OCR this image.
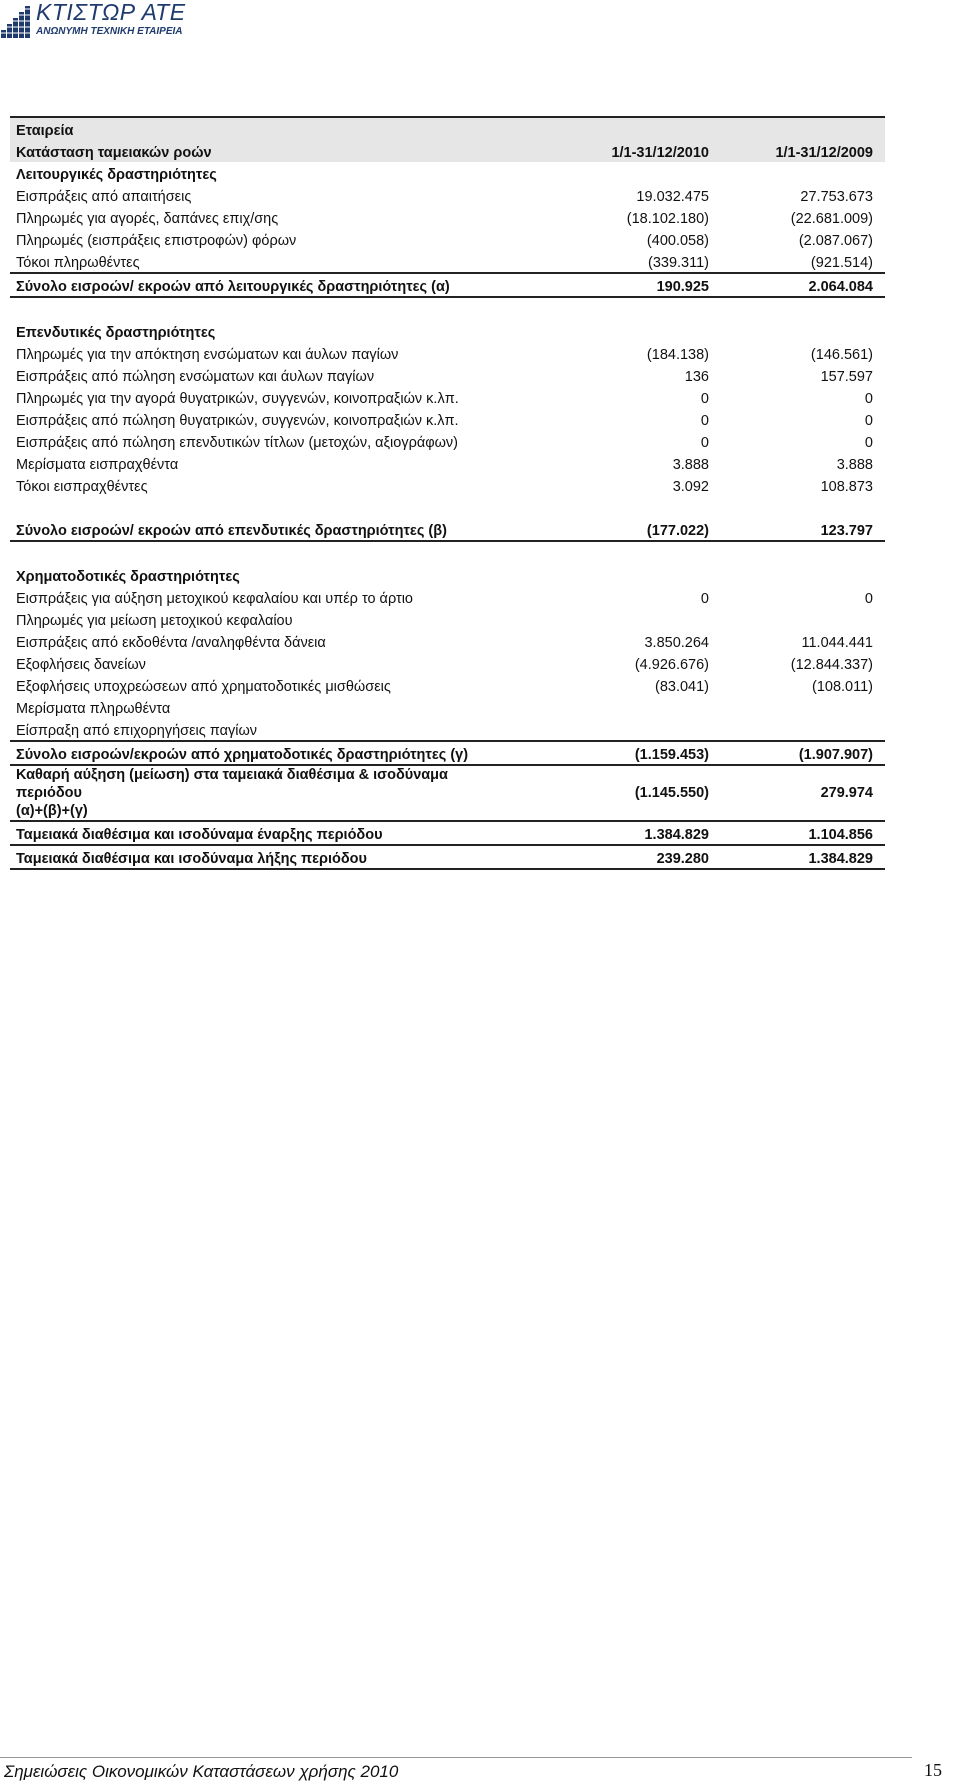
ΚΤΙΣΤΩΡ ΑΤΕ
ΑΝΩΝΥΜΗ ΤΕΧΝΙΚΗ ΕΤΑΙΡΕΙΑ
Εταιρεία		
Κατάσταση ταμειακών ροών	1/1-31/12/2010	1/1-31/12/2009
Λειτουργικές δραστηριότητες		
Εισπράξεις από απαιτήσεις	19.032.475	27.753.673
Πληρωμές για αγορές, δαπάνες επιχ/σης	(18.102.180)	(22.681.009)
Πληρωμές (εισπράξεις επιστροφών) φόρων	(400.058)	(2.087.067)
Τόκοι πληρωθέντες	(339.311)	(921.514)
Σύνολο εισροών/ εκροών από λειτουργικές δραστηριότητες (α)	190.925	2.064.084

Επενδυτικές δραστηριότητες		
Πληρωμές για την απόκτηση ενσώματων και άυλων παγίων	(184.138)	(146.561)
Εισπράξεις από πώληση ενσώματων και άυλων παγίων	136	157.597
Πληρωμές για την αγορά θυγατρικών, συγγενών, κοινοπραξιών κ.λπ.	0	0
Εισπράξεις από πώληση θυγατρικών, συγγενών, κοινοπραξιών κ.λπ.	0	0
Εισπράξεις από πώληση επενδυτικών τίτλων (μετοχών, αξιογράφων)	0	0
Μερίσματα εισπραχθέντα	3.888	3.888
Τόκοι εισπραχθέντες	3.092	108.873

Σύνολο εισροών/ εκροών από επενδυτικές δραστηριότητες (β)	(177.022)	123.797

Χρηματοδοτικές δραστηριότητες		
Εισπράξεις για αύξηση μετοχικού κεφαλαίου και υπέρ το άρτιο	0	0
Πληρωμές για μείωση μετοχικού κεφαλαίου		
Εισπράξεις από εκδοθέντα /αναληφθέντα δάνεια	3.850.264	11.044.441
Εξοφλήσεις δανείων	(4.926.676)	(12.844.337)
Εξοφλήσεις υποχρεώσεων από χρηματοδοτικές μισθώσεις	(83.041)	(108.011)
Μερίσματα πληρωθέντα		
Είσπραξη από επιχορηγήσεις παγίων		
Σύνολο εισροών/εκροών από χρηματοδοτικές δραστηριότητες (γ)	(1.159.453)	(1.907.907)

Καθαρή αύξηση (μείωση) στα ταμειακά διαθέσιμα & ισοδύναμα
περιόδου
(α)+(β)+(γ)	(1.145.550)	279.974
Ταμειακά διαθέσιμα και ισοδύναμα έναρξης περιόδου	1.384.829	1.104.856
Ταμειακά διαθέσιμα και ισοδύναμα λήξης περιόδου	239.280	1.384.829
Σημειώσεις Οικονομικών Καταστάσεων χρήσης 2010	15
